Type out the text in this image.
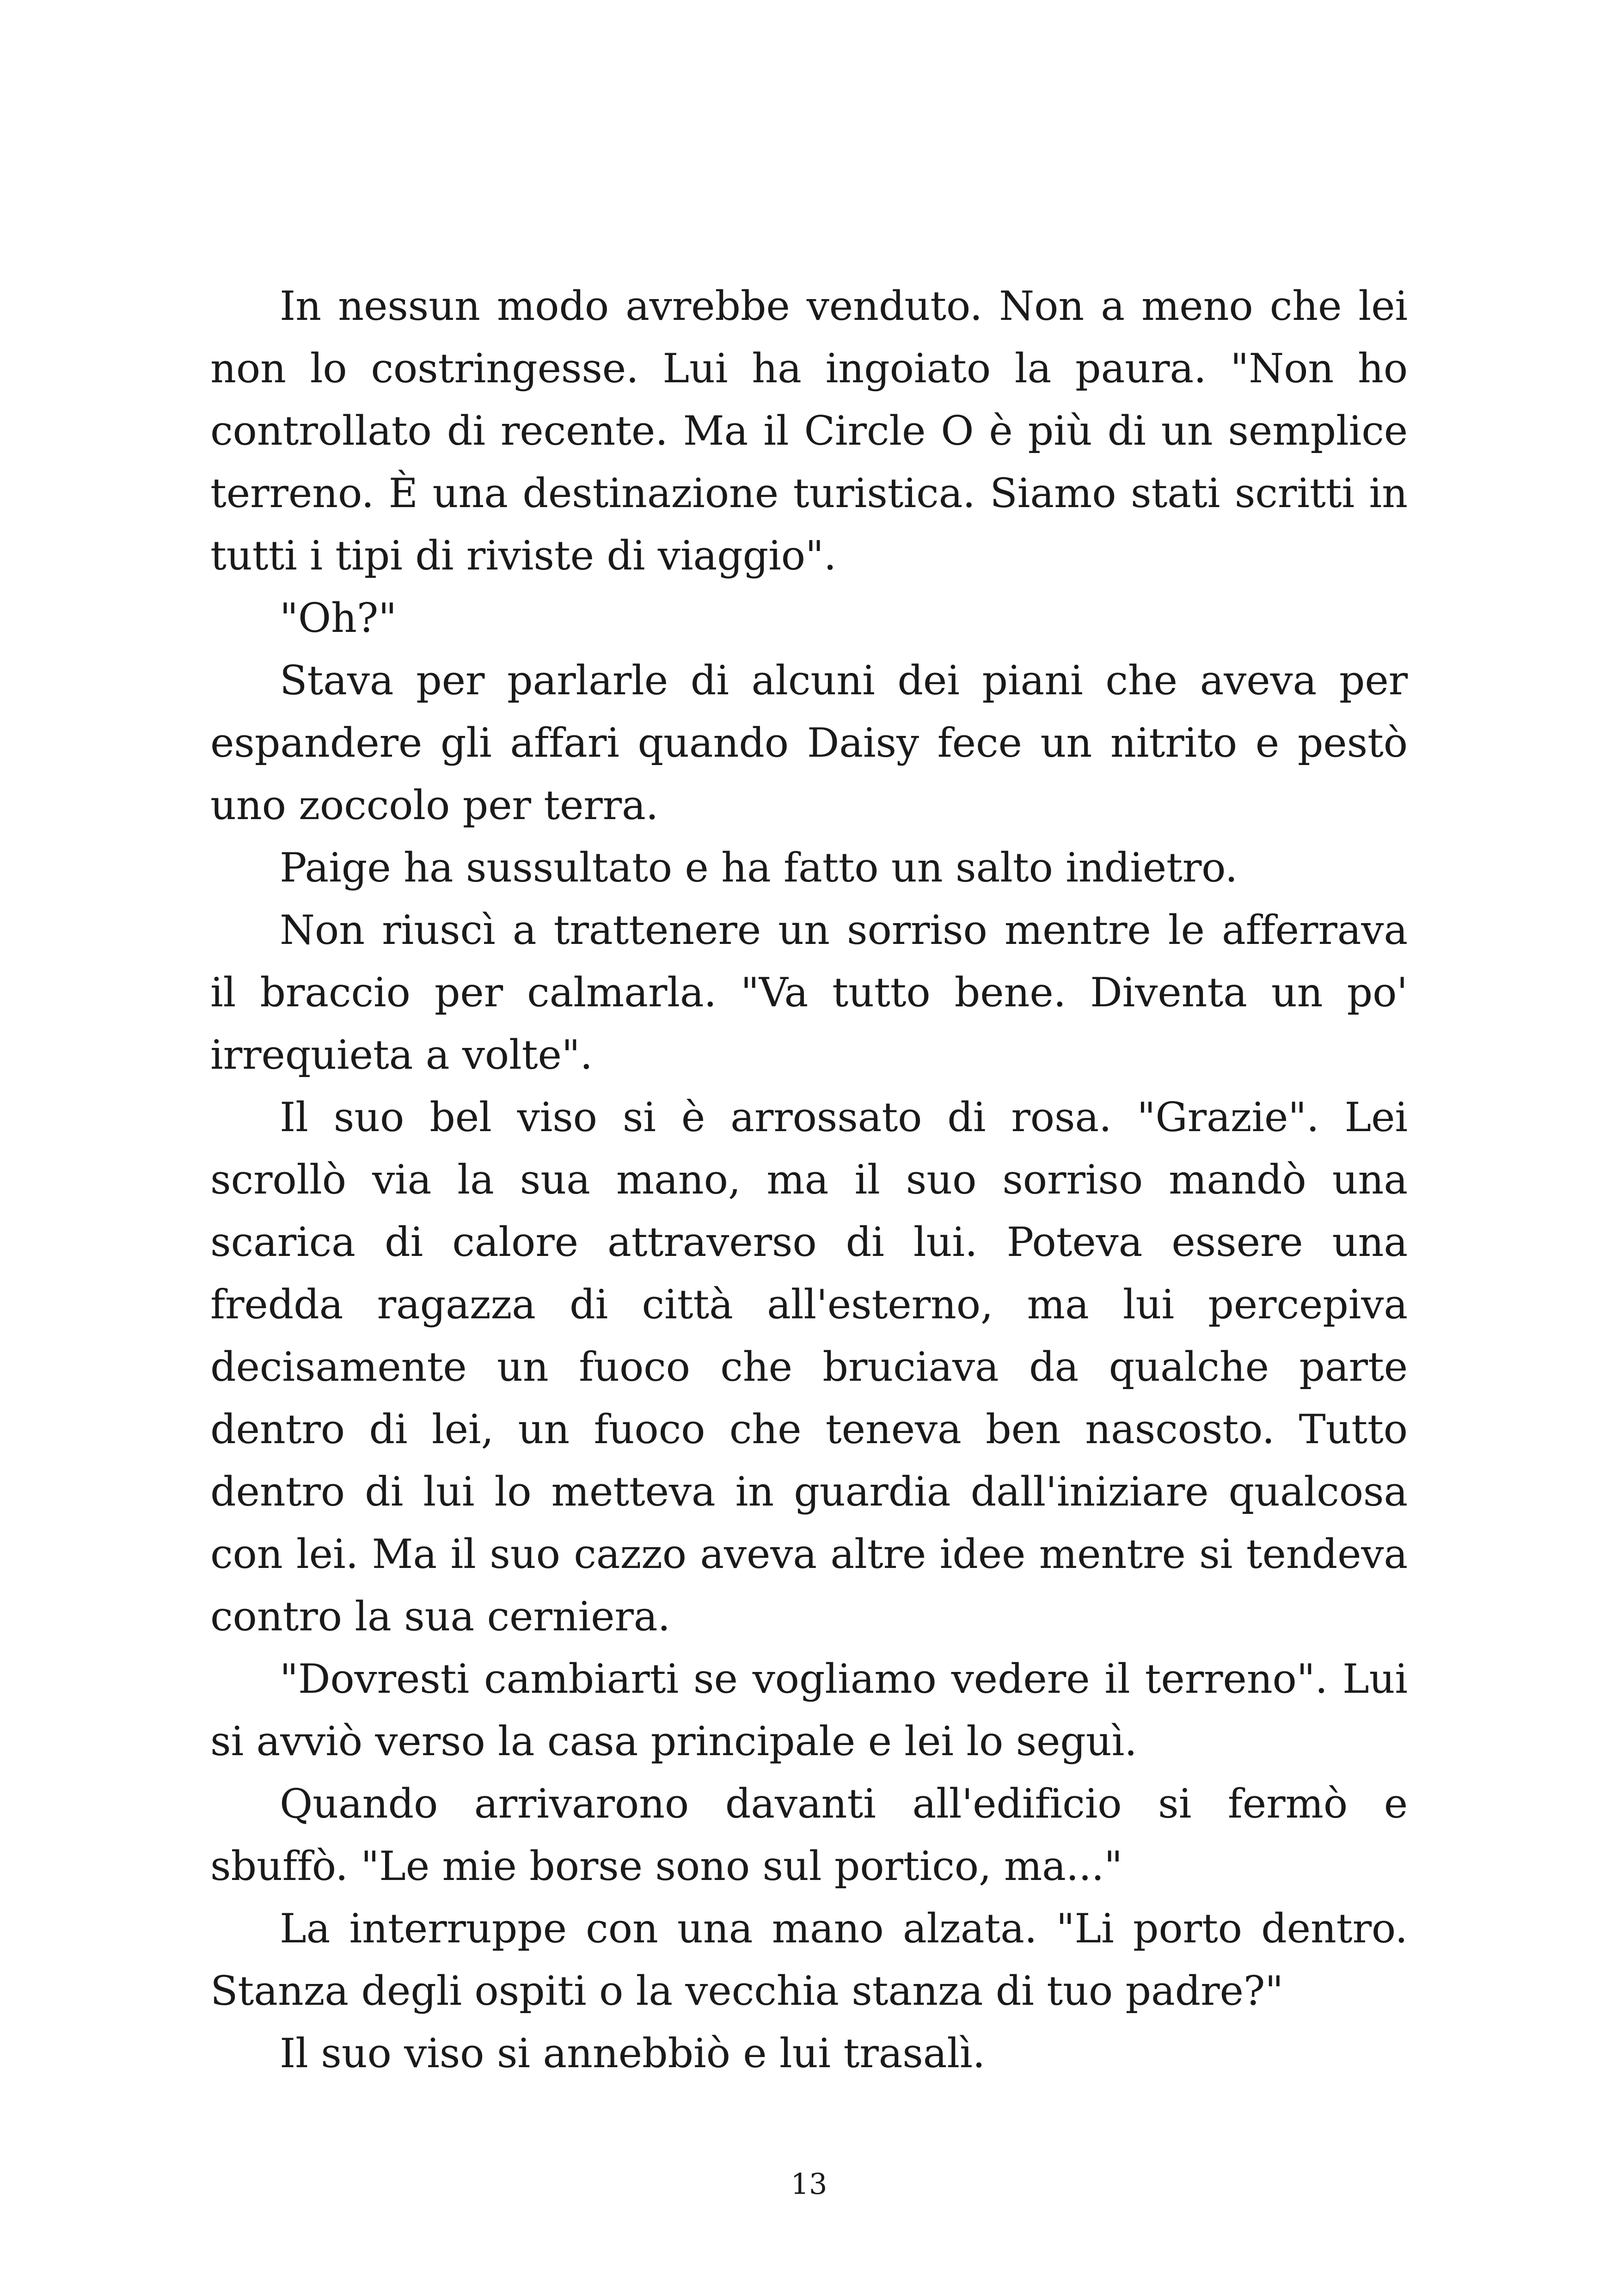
In nessun modo avrebbe venduto. Non a meno che lei non lo costringesse. Lui ha ingoiato la paura. "Non ho controllato di recente. Ma il Circle O è più di un semplice terreno. È una destinazione turistica. Siamo stati scritti in tutti i tipi di riviste di viaggio".

"Oh?"

Stava per parlarle di alcuni dei piani che aveva per espandere gli affari quando Daisy fece un nitrito e pestò uno zoccolo per terra.

Paige ha sussultato e ha fatto un salto indietro.

Non riuscì a trattenere un sorriso mentre le afferrava il braccio per calmarla. "Va tutto bene. Diventa un po' irrequieta a volte".

Il suo bel viso si è arrossato di rosa. "Grazie". Lei scrollò via la sua mano, ma il suo sorriso mandò una scarica di calore attraverso di lui. Poteva essere una fredda ragazza di città all'esterno, ma lui percepiva decisamente un fuoco che bruciava da qualche parte dentro di lei, un fuoco che teneva ben nascosto. Tutto dentro di lui lo metteva in guardia dall'iniziare qualcosa con lei. Ma il suo cazzo aveva altre idee mentre si tendeva contro la sua cerniera.

"Dovresti cambiarti se vogliamo vedere il terreno". Lui si avviò verso la casa principale e lei lo seguì.

Quando arrivarono davanti all'edificio si fermò e sbuffò. "Le mie borse sono sul portico, ma..."

La interruppe con una mano alzata. "Li porto dentro. Stanza degli ospiti o la vecchia stanza di tuo padre?"

Il suo viso si annebbiò e lui trasalì.

13
